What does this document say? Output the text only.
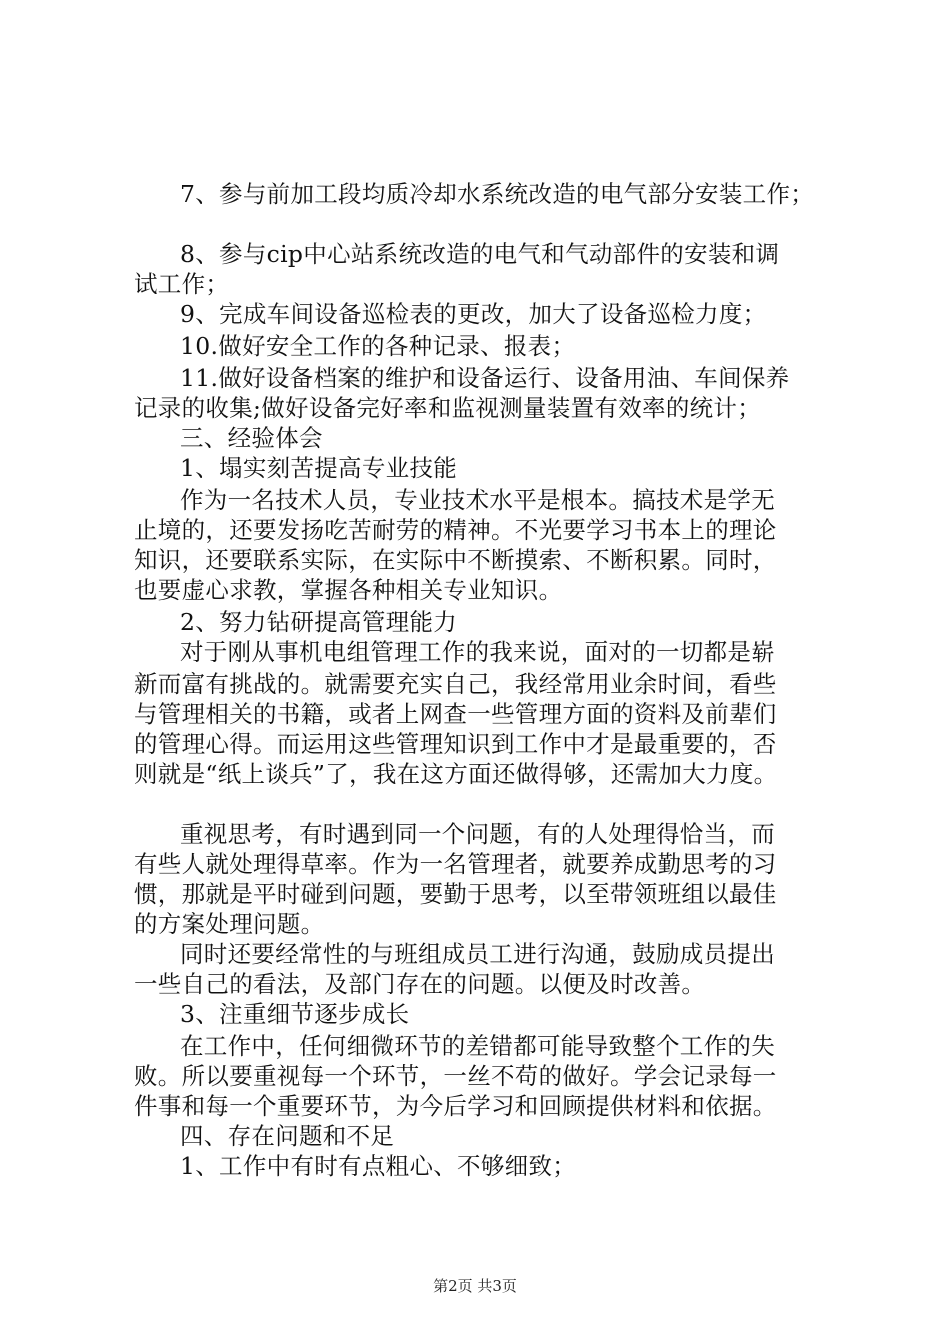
7、参与前加工段均质冷却水系统改造的电气部分安装工作；
8、参与cip中心站系统改造的电气和气动部件的安装和调
试工作；
9、完成车间设备巡检表的更改，加大了设备巡检力度；
10.做好安全工作的各种记录、报表；
11.做好设备档案的维护和设备运行、设备用油、车间保养
记录的收集;做好设备完好率和监视测量装置有效率的统计；
三、经验体会
1、塌实刻苦提高专业技能
作为一名技术人员，专业技术水平是根本。搞技术是学无
止境的，还要发扬吃苦耐劳的精神。不光要学习书本上的理论
知识，还要联系实际，在实际中不断摸索、不断积累。同时，
也要虚心求教，掌握各种相关专业知识。
2、努力钻研提高管理能力
对于刚从事机电组管理工作的我来说，面对的一切都是崭
新而富有挑战的。就需要充实自己，我经常用业余时间，看些
与管理相关的书籍，或者上网查一些管理方面的资料及前辈们
的管理心得。而运用这些管理知识到工作中才是最重要的，否
则就是“纸上谈兵”了，我在这方面还做得够，还需加大力度。
重视思考，有时遇到同一个问题，有的人处理得恰当，而
有些人就处理得草率。作为一名管理者，就要养成勤思考的习
惯，那就是平时碰到问题，要勤于思考，以至带领班组以最佳
的方案处理问题。
同时还要经常性的与班组成员工进行沟通，鼓励成员提出
一些自己的看法，及部门存在的问题。以便及时改善。
3、注重细节逐步成长
在工作中，任何细微环节的差错都可能导致整个工作的失
败。所以要重视每一个环节，一丝不苟的做好。学会记录每一
件事和每一个重要环节，为今后学习和回顾提供材料和依据。
四、存在问题和不足
1、工作中有时有点粗心、不够细致；
第2页 共3页
